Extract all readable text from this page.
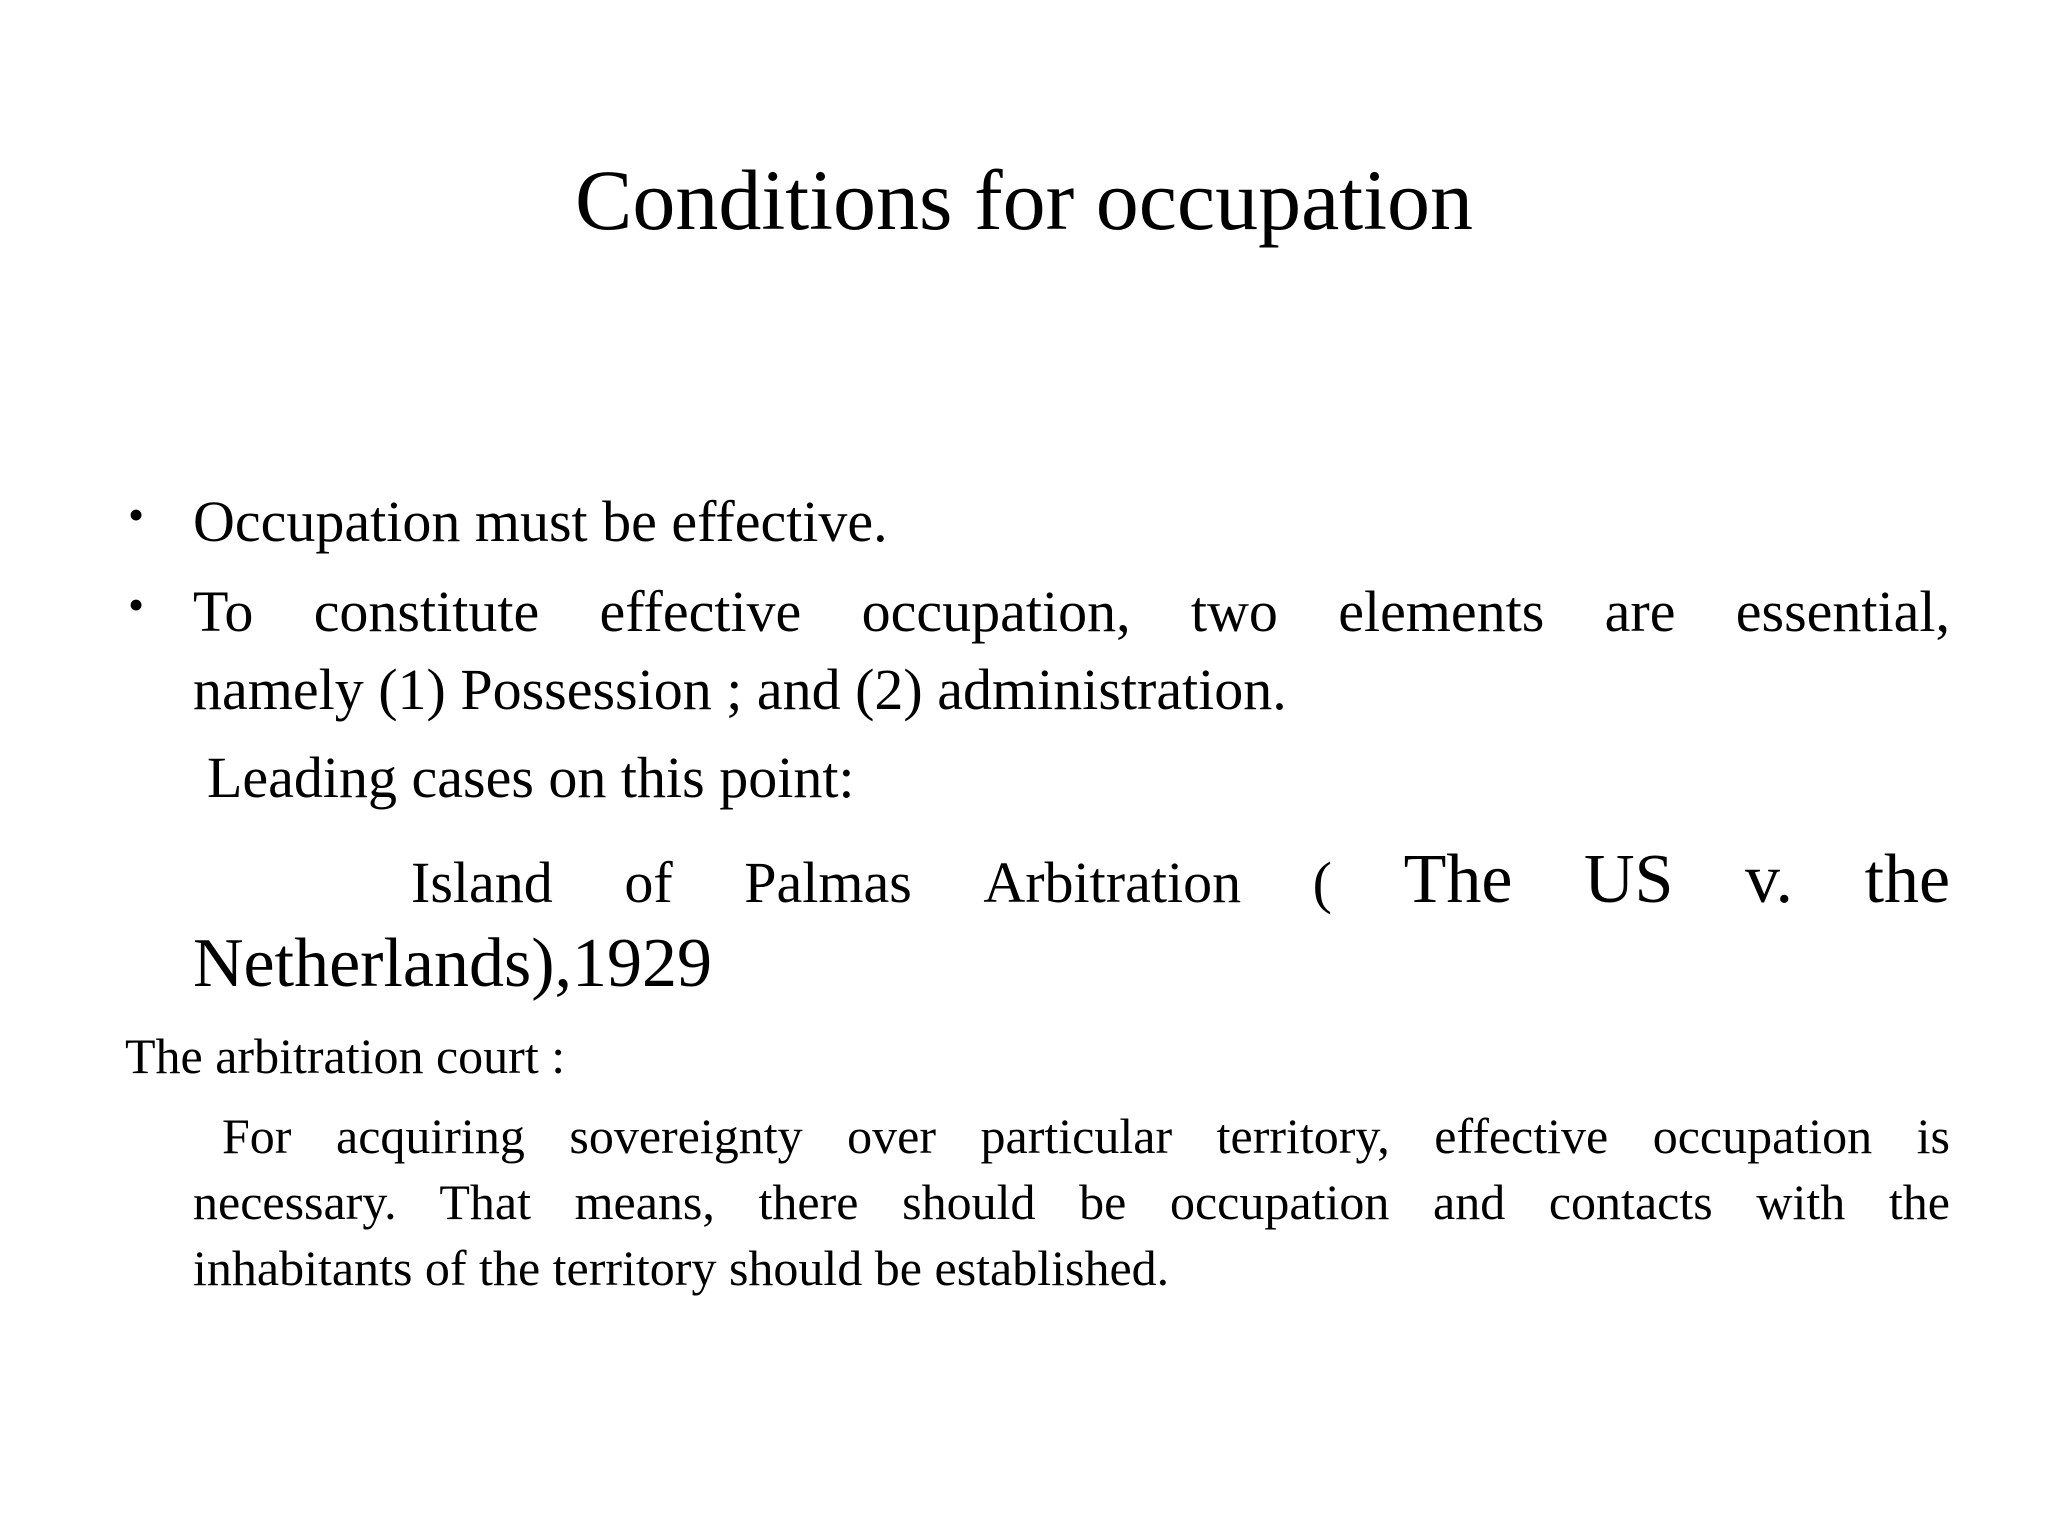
Conditions for occupation
• Occupation must be effective.
• To constitute effective occupation, two elements are essential,
namely (1) Possession ; and (2) administration.
Leading cases on this point:
Island of Palmas Arbitration ( The US v. the
Netherlands),1929
The arbitration court :
For acquiring sovereignty over particular territory, effective occupation is
necessary. That means, there should be occupation and contacts with the
inhabitants of the territory should be established.
